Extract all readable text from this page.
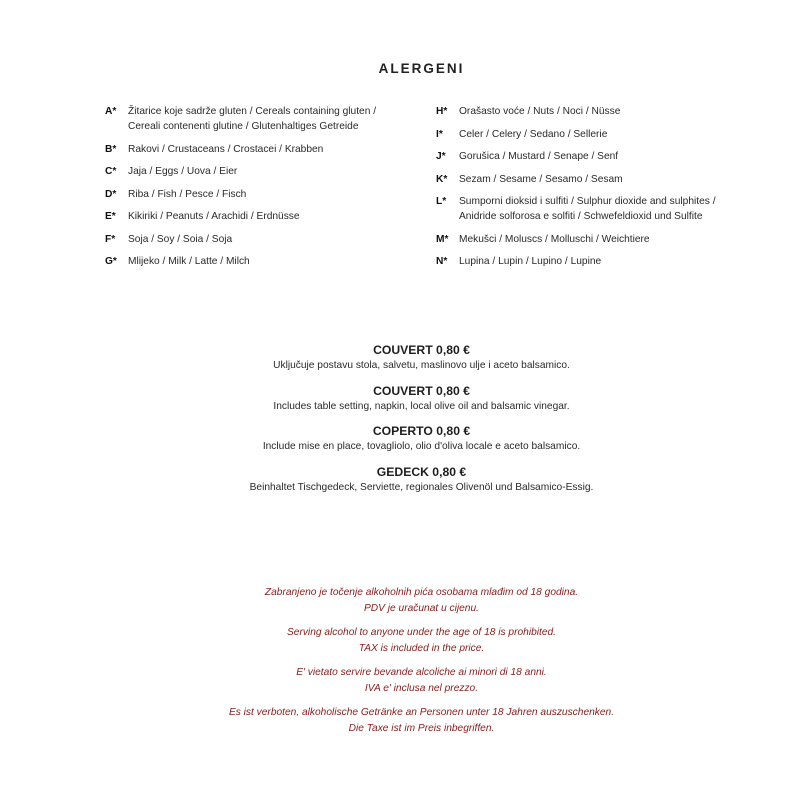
ALERGENI
A*	Žitarice koje sadrže gluten / Cereals containing gluten /
Cereali contenenti glutine / Glutenhaltiges Getreide
B*	Rakovi / Crustaceans / Crostacei / Krabben
C*	Jaja / Eggs / Uova / Eier
D*	Riba / Fish / Pesce / Fisch
E*	Kikiriki / Peanuts / Arachidi / Erdnüsse
F*	Soja / Soy / Soia / Soja
G*	Mlijeko / Milk / Latte / Milch
H*	Orašasto voće / Nuts / Noci / Nüsse
I*	Celer / Celery / Sedano / Sellerie
J*	Gorušica / Mustard / Senape / Senf
K*	Sezam / Sesame / Sesamo / Sesam
L*	Sumporni dioksid i sulfiti / Sulphur dioxide and sulphites /
Anidride solforosa e solfiti / Schwefeldioxid und Sulfite
M*	Mekušci / Moluscs / Molluschi / Weichtiere
N*	Lupina / Lupin / Lupino / Lupine
COUVERT 0,80 €
Uključuje postavu stola, salvetu, maslinovo ulje i aceto balsamico.
COUVERT 0,80 €
Includes table setting, napkin, local olive oil and balsamic vinegar.
COPERTO 0,80 €
Include mise en place, tovagliolo, olio d'oliva locale e aceto balsamico.
GEDECK 0,80 €
Beinhaltet Tischgedeck, Serviette, regionales Olivenöl und Balsamico-Essig.
Zabranjeno je točenje alkoholnih pića osobama mlađim od 18 godina.
PDV je uračunat u cijenu.
Serving alcohol to anyone under the age of 18 is prohibited.
TAX is included in the price.
E' vietato servire bevande alcoliche ai minori di 18 anni.
IVA e' inclusa nel prezzo.
Es ist verboten, alkoholische Getränke an Personen unter 18 Jahren auszuschenken.
Die Taxe ist im Preis inbegriffen.
